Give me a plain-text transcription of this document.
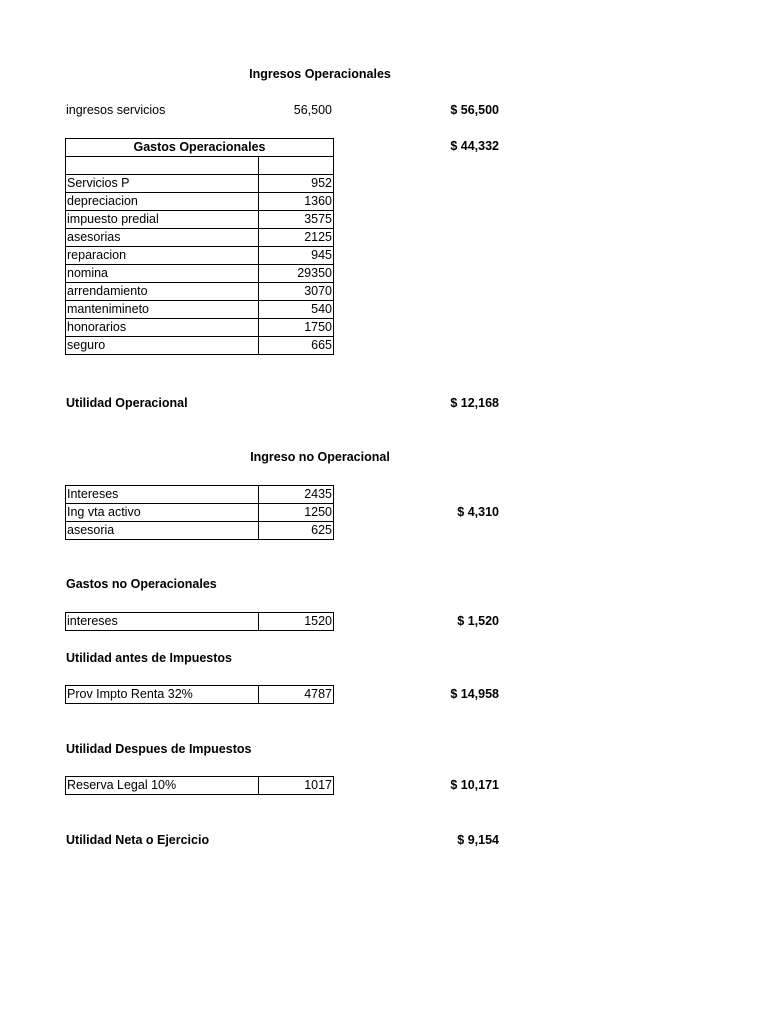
Ingresos Operacionales
ingresos servicios	56,500	$ 56,500
Gastos Operacionales	

Servicios P	952
depreciacion	1360
impuesto predial	3575
asesorias	2125
reparacion	945
nomina	29350
arrendamiento	3070
mantenimineto	540
honorarios	1750
seguro	665
$ 44,332
Utilidad Operacional	$ 12,168
Ingreso no Operacional
Intereses	2435
Ing vta activo	1250
asesoria	625
$ 4,310
Gastos no Operacionales
intereses	1520	$ 1,520
Utilidad antes de Impuestos
Prov Impto Renta 32%	4787	$ 14,958
Utilidad Despues de Impuestos
Reserva Legal 10%	1017	$ 10,171
Utilidad Neta o Ejercicio	$ 9,154
